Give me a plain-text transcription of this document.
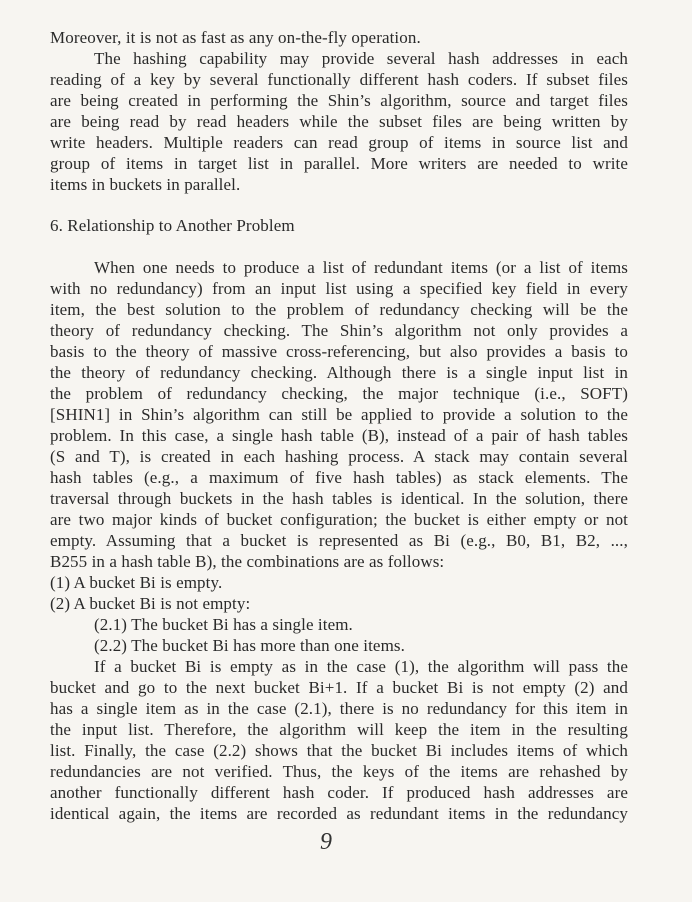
Moreover, it is not as fast as any on-the-fly operation.
The hashing capability may provide several hash addresses in each
reading of a key by several functionally different hash coders. If subset files
are being created in performing the Shin’s algorithm, source and target files
are being read by read headers while the subset files are being written by
write headers. Multiple readers can read group of items in source list and
group of items in target list in parallel. More writers are needed to write
items in buckets in parallel.
6. Relationship to Another Problem
When one needs to produce a list of redundant items (or a list of items
with no redundancy) from an input list using a specified key field in every
item, the best solution to the problem of redundancy checking will be the
theory of redundancy checking. The Shin’s algorithm not only provides a
basis to the theory of massive cross-referencing, but also provides a basis to
the theory of redundancy checking. Although there is a single input list in
the problem of redundancy checking, the major technique (i.e., SOFT)
[SHIN1] in Shin’s algorithm can still be applied to provide a solution to the
problem. In this case, a single hash table (B), instead of a pair of hash tables
(S and T), is created in each hashing process. A stack may contain several
hash tables (e.g., a maximum of five hash tables) as stack elements. The
traversal through buckets in the hash tables is identical. In the solution, there
are two major kinds of bucket configuration; the bucket is either empty or not
empty. Assuming that a bucket is represented as Bi (e.g., B0, B1, B2, ...,
B255 in a hash table B), the combinations are as follows:
(1) A bucket Bi is empty.
(2) A bucket Bi is not empty:
(2.1) The bucket Bi has a single item.
(2.2) The bucket Bi has more than one items.
If a bucket Bi is empty as in the case (1), the algorithm will pass the
bucket and go to the next bucket Bi+1. If a bucket Bi is not empty (2) and
has a single item as in the case (2.1), there is no redundancy for this item in
the input list. Therefore, the algorithm will keep the item in the resulting
list. Finally, the case (2.2) shows that the bucket Bi includes items of which
redundancies are not verified. Thus, the keys of the items are rehashed by
another functionally different hash coder. If produced hash addresses are
identical again, the items are recorded as redundant items in the redundancy
9
